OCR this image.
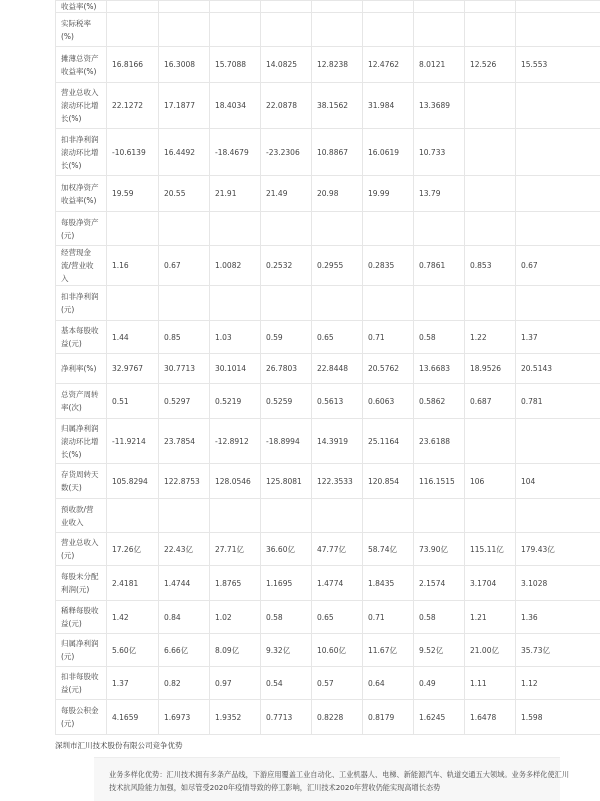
收益率(%)									
实际税率(%)									
摊薄总资产收益率(%)	16.8166	16.3008	15.7088	14.0825	12.8238	12.4762	8.0121	12.526	15.553
营业总收入滚动环比增长(%)	22.1272	17.1877	18.4034	22.0878	38.1562	31.984	13.3689		
扣非净利润滚动环比增长(%)	-10.6139	16.4492	-18.4679	-23.2306	10.8867	16.0619	10.733		
加权净资产收益率(%)	19.59	20.55	21.91	21.49	20.98	19.99	13.79		
每股净资产(元)									
经营现金流/营业收入	1.16	0.67	1.0082	0.2532	0.2955	0.2835	0.7861	0.853	0.67
扣非净利润(元)									
基本每股收益(元)	1.44	0.85	1.03	0.59	0.65	0.71	0.58	1.22	1.37
净利率(%)	32.9767	30.7713	30.1014	26.7803	22.8448	20.5762	13.6683	18.9526	20.5143
总资产周转率(次)	0.51	0.5297	0.5219	0.5259	0.5613	0.6063	0.5862	0.687	0.781
归属净利润滚动环比增长(%)	-11.9214	23.7854	-12.8912	-18.8994	14.3919	25.1164	23.6188		
存货周转天数(天)	105.8294	122.8753	128.0546	125.8081	122.3533	120.854	116.1515	106	104
预收款/营业收入									
营业总收入(元)	17.26亿	22.43亿	27.71亿	36.60亿	47.77亿	58.74亿	73.90亿	115.11亿	179.43亿
每股未分配利润(元)	2.4181	1.4744	1.8765	1.1695	1.4774	1.8435	2.1574	3.1704	3.1028
稀释每股收益(元)	1.42	0.84	1.02	0.58	0.65	0.71	0.58	1.21	1.36
归属净利润(元)	5.60亿	6.66亿	8.09亿	9.32亿	10.60亿	11.67亿	9.52亿	21.00亿	35.73亿
扣非每股收益(元)	1.37	0.82	0.97	0.54	0.57	0.64	0.49	1.11	1.12
每股公积金(元)	4.1659	1.6973	1.9352	0.7713	0.8228	0.8179	1.6245	1.6478	1.598
深圳市汇川技术股份有限公司竞争优势
业务多样化优势：汇川技术拥有多条产品线，下游应用覆盖工业自动化、工业机器人、电梯、新能源汽车、轨道交通五大领域。业务多样化使汇川技术抗风险能力加强，如尽管受2020年疫情导致的停工影响，汇川技术2020年营收仍能实现高增长态势
